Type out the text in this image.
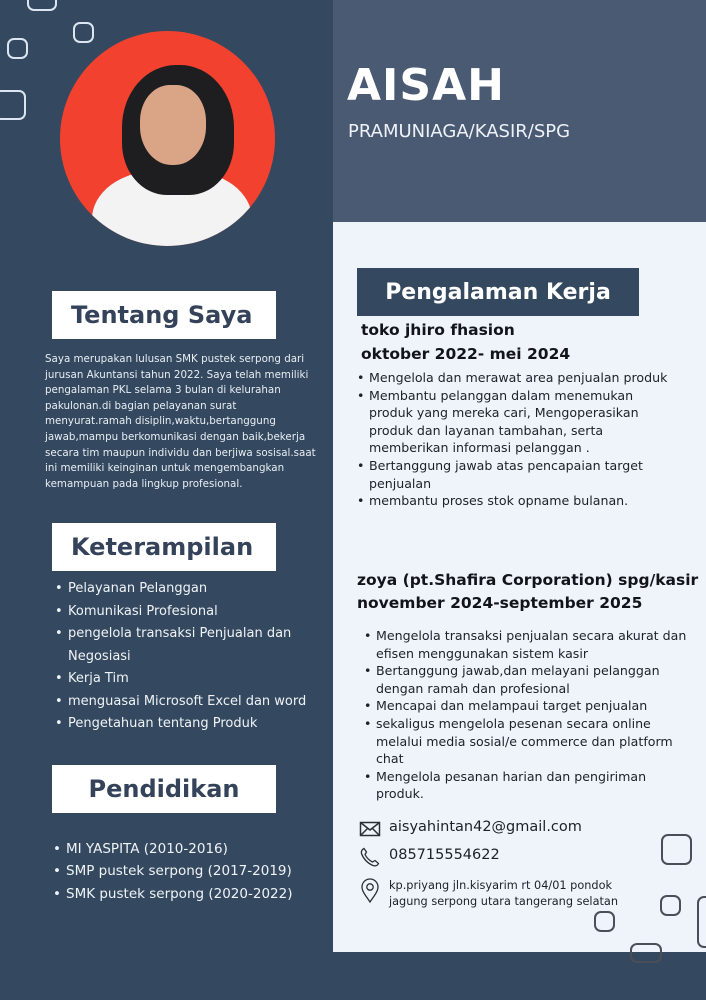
AISAH
PRAMUNIAGA/KASIR/SPG
Tentang Saya

Saya merupakan lulusan SMK pustek serpong dari jurusan Akuntansi tahun 2022. Saya telah memiliki pengalaman PKL selama 3 bulan di kelurahan pakulonan.di bagian pelayanan surat menyurat.ramah disiplin,waktu,bertanggung jawab,mampu berkomunikasi dengan baik,bekerja secara tim maupun individu dan berjiwa sosisal.saat ini memiliki keinginan untuk mengembangkan kemampuan pada lingkup profesional.

Keterampilan
• Pelayanan Pelanggan
• Komunikasi Profesional
• pengelola transaksi Penjualan dan Negosiasi
• Kerja Tim
• menguasai Microsoft Excel dan word
• Pengetahuan tentang Produk
Pendidikan
• MI YASPITA (2010-2016)
• SMP pustek serpong (2017-2019)
• SMK pustek serpong (2020-2022)
Pengalaman Kerja
toko jhiro fhasion
oktober 2022- mei 2024
• Mengelola dan merawat area penjualan produk
• Membantu pelanggan dalam menemukan produk yang mereka cari, Mengoperasikan produk dan layanan tambahan, serta memberikan informasi pelanggan .
• Bertanggung jawab atas pencapaian target penjualan
• membantu proses stok opname bulanan.
zoya (pt.Shafira Corporation) spg/kasir
november 2024-september 2025
• Mengelola transaksi penjualan secara akurat dan efisen menggunakan sistem kasir
• Bertanggung jawab,dan melayani pelanggan dengan ramah dan profesional
• Mencapai dan melampaui target penjualan
• sekaligus mengelola pesenan secara online melalui media sosial/e commerce dan platform chat
• Mengelola pesanan harian dan pengiriman produk.
aisyahintan42@gmail.com
085715554622
kp.priyang jln.kisyarim rt 04/01 pondok jagung serpong utara tangerang selatan
